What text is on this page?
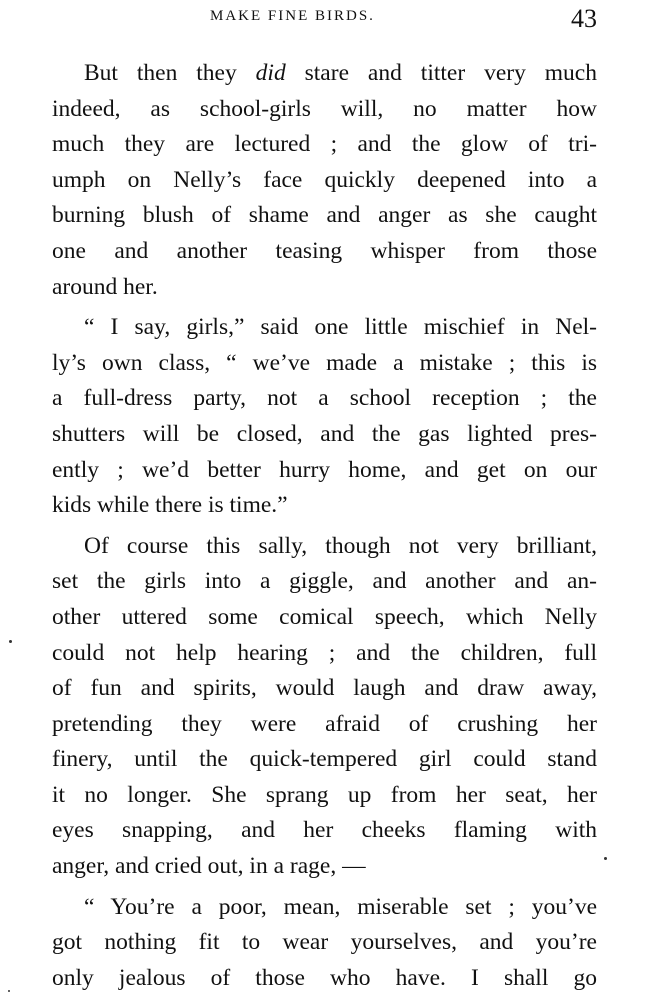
MAKE FINE BIRDS.	43
But then they did stare and titter very much
indeed, as school-girls will, no matter how
much they are lectured ; and the glow of tri-
umph on Nelly’s face quickly deepened into a
burning blush of shame and anger as she caught
one and another teasing whisper from those
around her.
“ I say, girls,” said one little mischief in Nel-
ly’s own class, “ we’ve made a mistake ; this is
a full-dress party, not a school reception ; the
shutters will be closed, and the gas lighted pres-
ently ; we’d better hurry home, and get on our
kids while there is time.”
Of course this sally, though not very brilliant,
set the girls into a giggle, and another and an-
other uttered some comical speech, which Nelly
could not help hearing ; and the children, full
of fun and spirits, would laugh and draw away,
pretending they were afraid of crushing her
finery, until the quick-tempered girl could stand
it no longer. She sprang up from her seat, her
eyes snapping, and her cheeks flaming with
anger, and cried out, in a rage, —
“ You’re a poor, mean, miserable set ; you’ve
got nothing fit to wear yourselves, and you’re
only jealous of those who have. I shall go
